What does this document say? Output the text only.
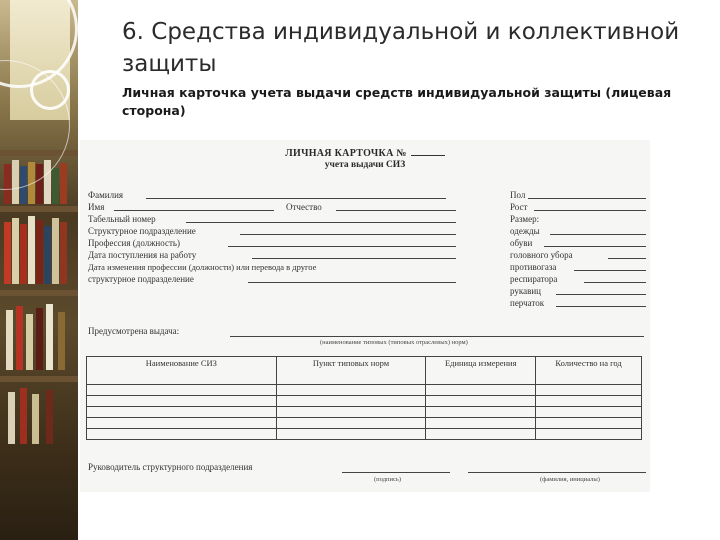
6. Средства индивидуальной и коллективной защиты
Личная карточка учета выдачи средств индивидуальной защиты (лицевая сторона)
ЛИЧНАЯ КАРТОЧКА №
учета выдачи СИЗ
Фамилия
Имя	Отчество
Табельный номер
Структурное подразделение
Профессия (должность)
Дата поступления на работу
Дата изменения профессии (должности) или перевода в другое
структурное подразделение
Пол
Рост
Размер:
одежды
обуви
головного убора
противогаза
респиратора
рукавиц
перчаток
Предусмотрена выдача:
(наименование типовых (типовых отраслевых) норм)
Наименование СИЗ	Пункт типовых норм	Единица измерения	Количество на год

Руководитель структурного подразделения
(подпись)	(фамилия, инициалы)
